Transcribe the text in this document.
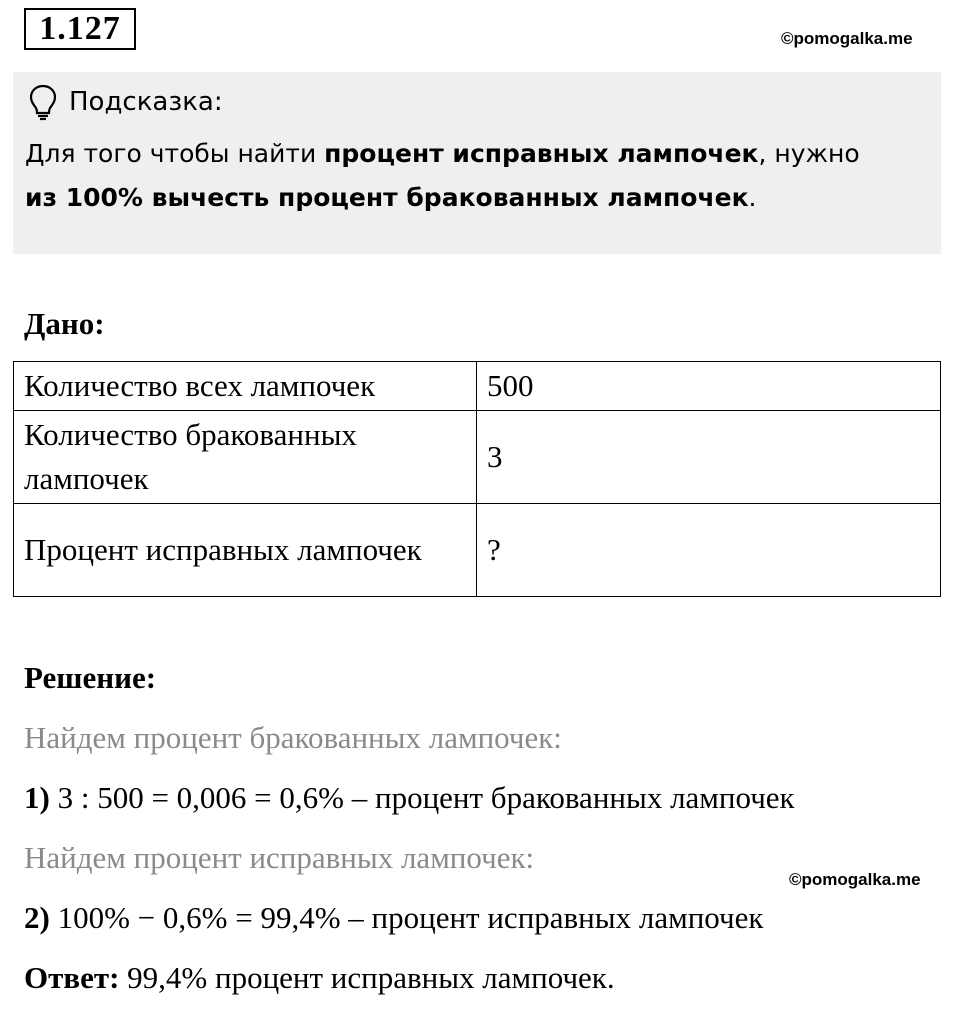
1.127	©pomogalka.me
Подсказка:
Для того чтобы найти процент исправных лампочек, нужно
из 100% вычесть процент бракованных лампочек.
Дано:
Количество всех лампочек	500
Количество бракованных лампочек	3
Процент исправных лампочек	?
Решение:
Найдем процент бракованных лампочек:
1) 3 : 500 = 0,006 = 0,6% – процент бракованных лампочек
Найдем процент исправных лампочек:
©pomogalka.me
2) 100% − 0,6% = 99,4% – процент исправных лампочек
Ответ: 99,4% процент исправных лампочек.
